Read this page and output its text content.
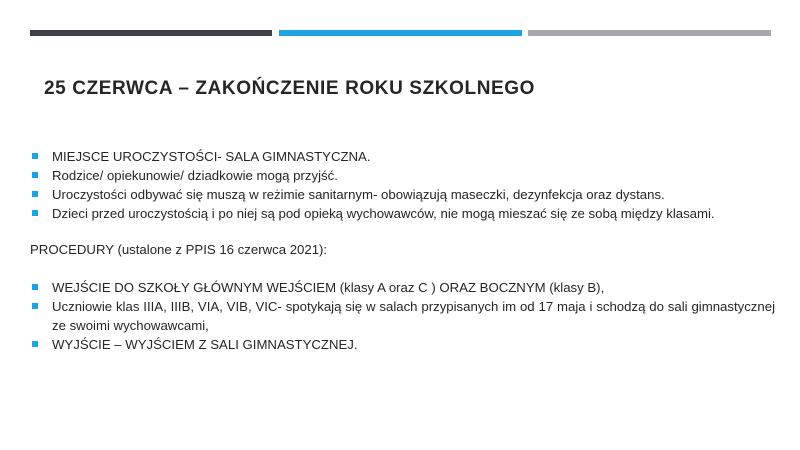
25 CZERWCA – ZAKOŃCZENIE ROKU SZKOLNEGO
MIEJSCE UROCZYSTOŚCI- SALA GIMNASTYCZNA.
Rodzice/ opiekunowie/ dziadkowie mogą przyjść.
Uroczystości odbywać się muszą w reżimie sanitarnym- obowiązują maseczki, dezynfekcja oraz dystans.
Dzieci przed uroczystością i po niej są pod opieką wychowawców, nie mogą mieszać się ze sobą między klasami.
PROCEDURY (ustalone z PPIS 16 czerwca 2021):
WEJŚCIE DO SZKOŁY GŁÓWNYM WEJŚCIEM (klasy A oraz C ) ORAZ BOCZNYM (klasy B),
Uczniowie klas IIIA, IIIB, VIA, VIB, VIC- spotykają się w salach przypisanych im od 17 maja i schodzą do sali gimnastycznej ze swoimi wychowawcami,
WYJŚCIE – WYJŚCIEM Z SALI GIMNASTYCZNEJ.
